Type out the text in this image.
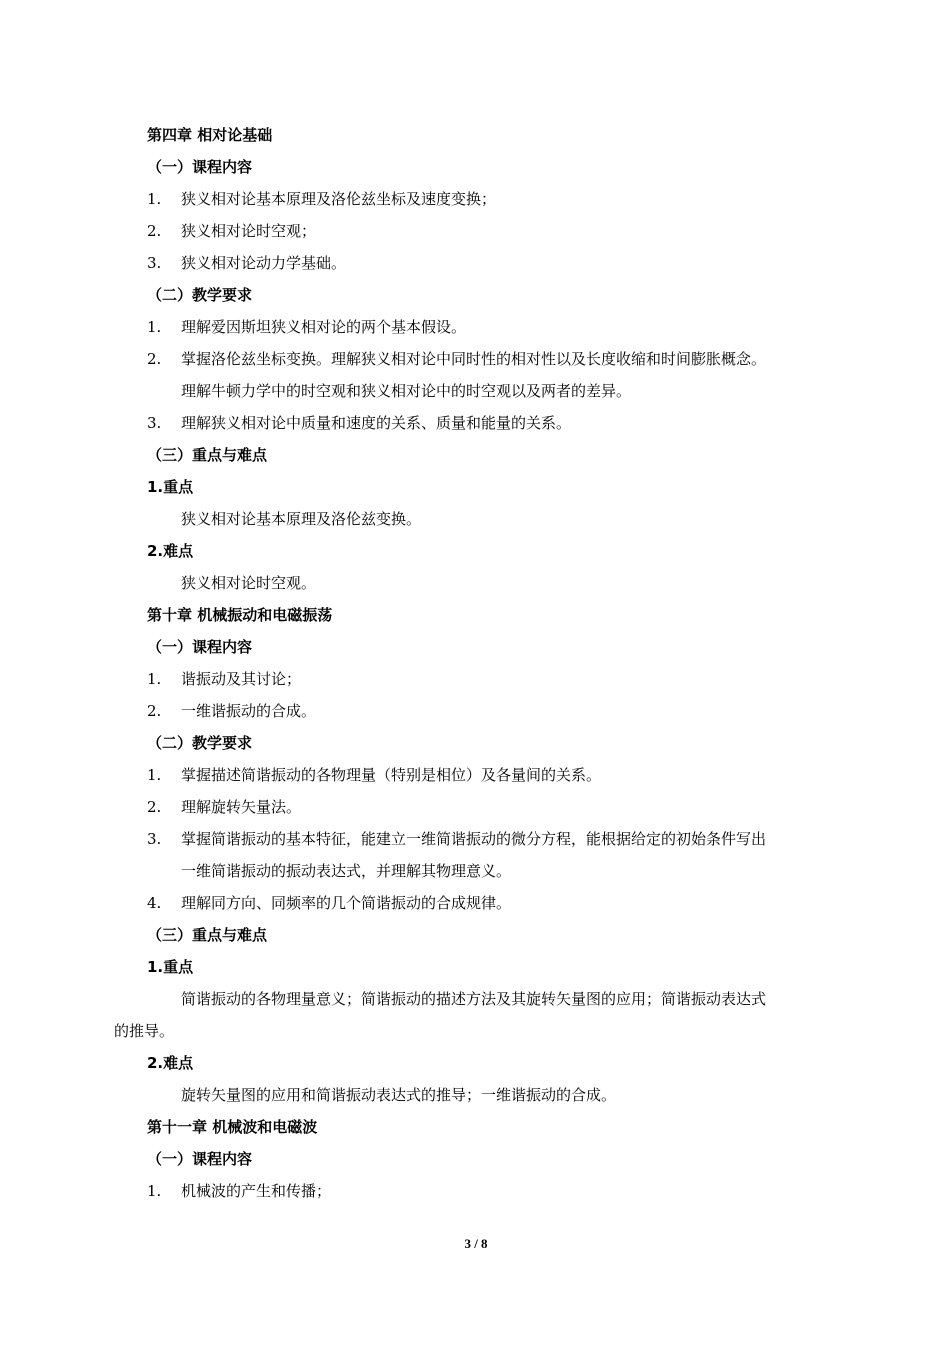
第四章 相对论基础
（一）课程内容
1. 狭义相对论基本原理及洛伦兹坐标及速度变换；
2. 狭义相对论时空观；
3. 狭义相对论动力学基础。
（二）教学要求
1. 理解爱因斯坦狭义相对论的两个基本假设。
2. 掌握洛伦兹坐标变换。理解狭义相对论中同时性的相对性以及长度收缩和时间膨胀概念。
理解牛顿力学中的时空观和狭义相对论中的时空观以及两者的差异。
3. 理解狭义相对论中质量和速度的关系、质量和能量的关系。
（三）重点与难点
1.重点
狭义相对论基本原理及洛伦兹变换。
2.难点
狭义相对论时空观。
第十章 机械振动和电磁振荡
（一）课程内容
1. 谐振动及其讨论；
2. 一维谐振动的合成。
（二）教学要求
1. 掌握描述简谐振动的各物理量（特别是相位）及各量间的关系。
2. 理解旋转矢量法。
3. 掌握简谐振动的基本特征，能建立一维简谐振动的微分方程，能根据给定的初始条件写出
一维简谐振动的振动表达式，并理解其物理意义。
4. 理解同方向、同频率的几个简谐振动的合成规律。
（三）重点与难点
1.重点
简谐振动的各物理量意义；简谐振动的描述方法及其旋转矢量图的应用；简谐振动表达式
的推导。
2.难点
旋转矢量图的应用和简谐振动表达式的推导；一维谐振动的合成。
第十一章 机械波和电磁波
（一）课程内容
1. 机械波的产生和传播；
3 / 8
